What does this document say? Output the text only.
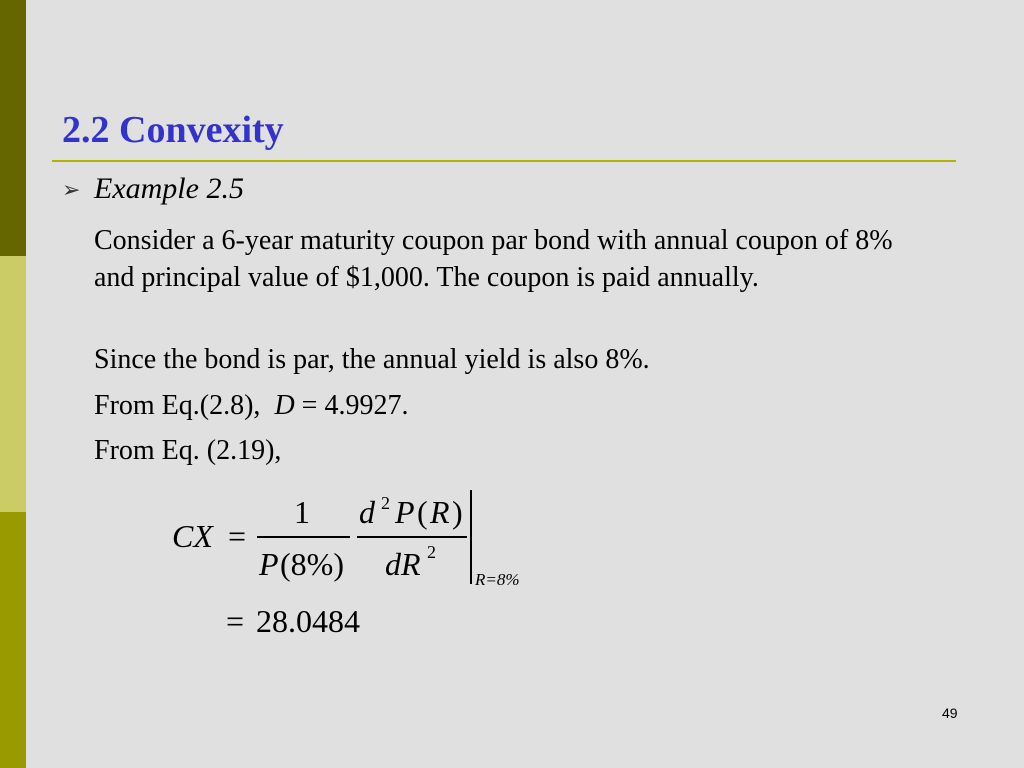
2.2 Convexity
➢ Example 2.5

Consider a 6-year maturity coupon par bond with annual coupon of 8% and principal value of $1,000. The coupon is paid annually.

Since the bond is par, the annual yield is also 8%.

From Eq.(2.8), D = 4.9927.

From Eq. (2.19),

CX =
1
P (8%)
d 2 P ( R )
dR 2
R=8%
= 28.0484
49
